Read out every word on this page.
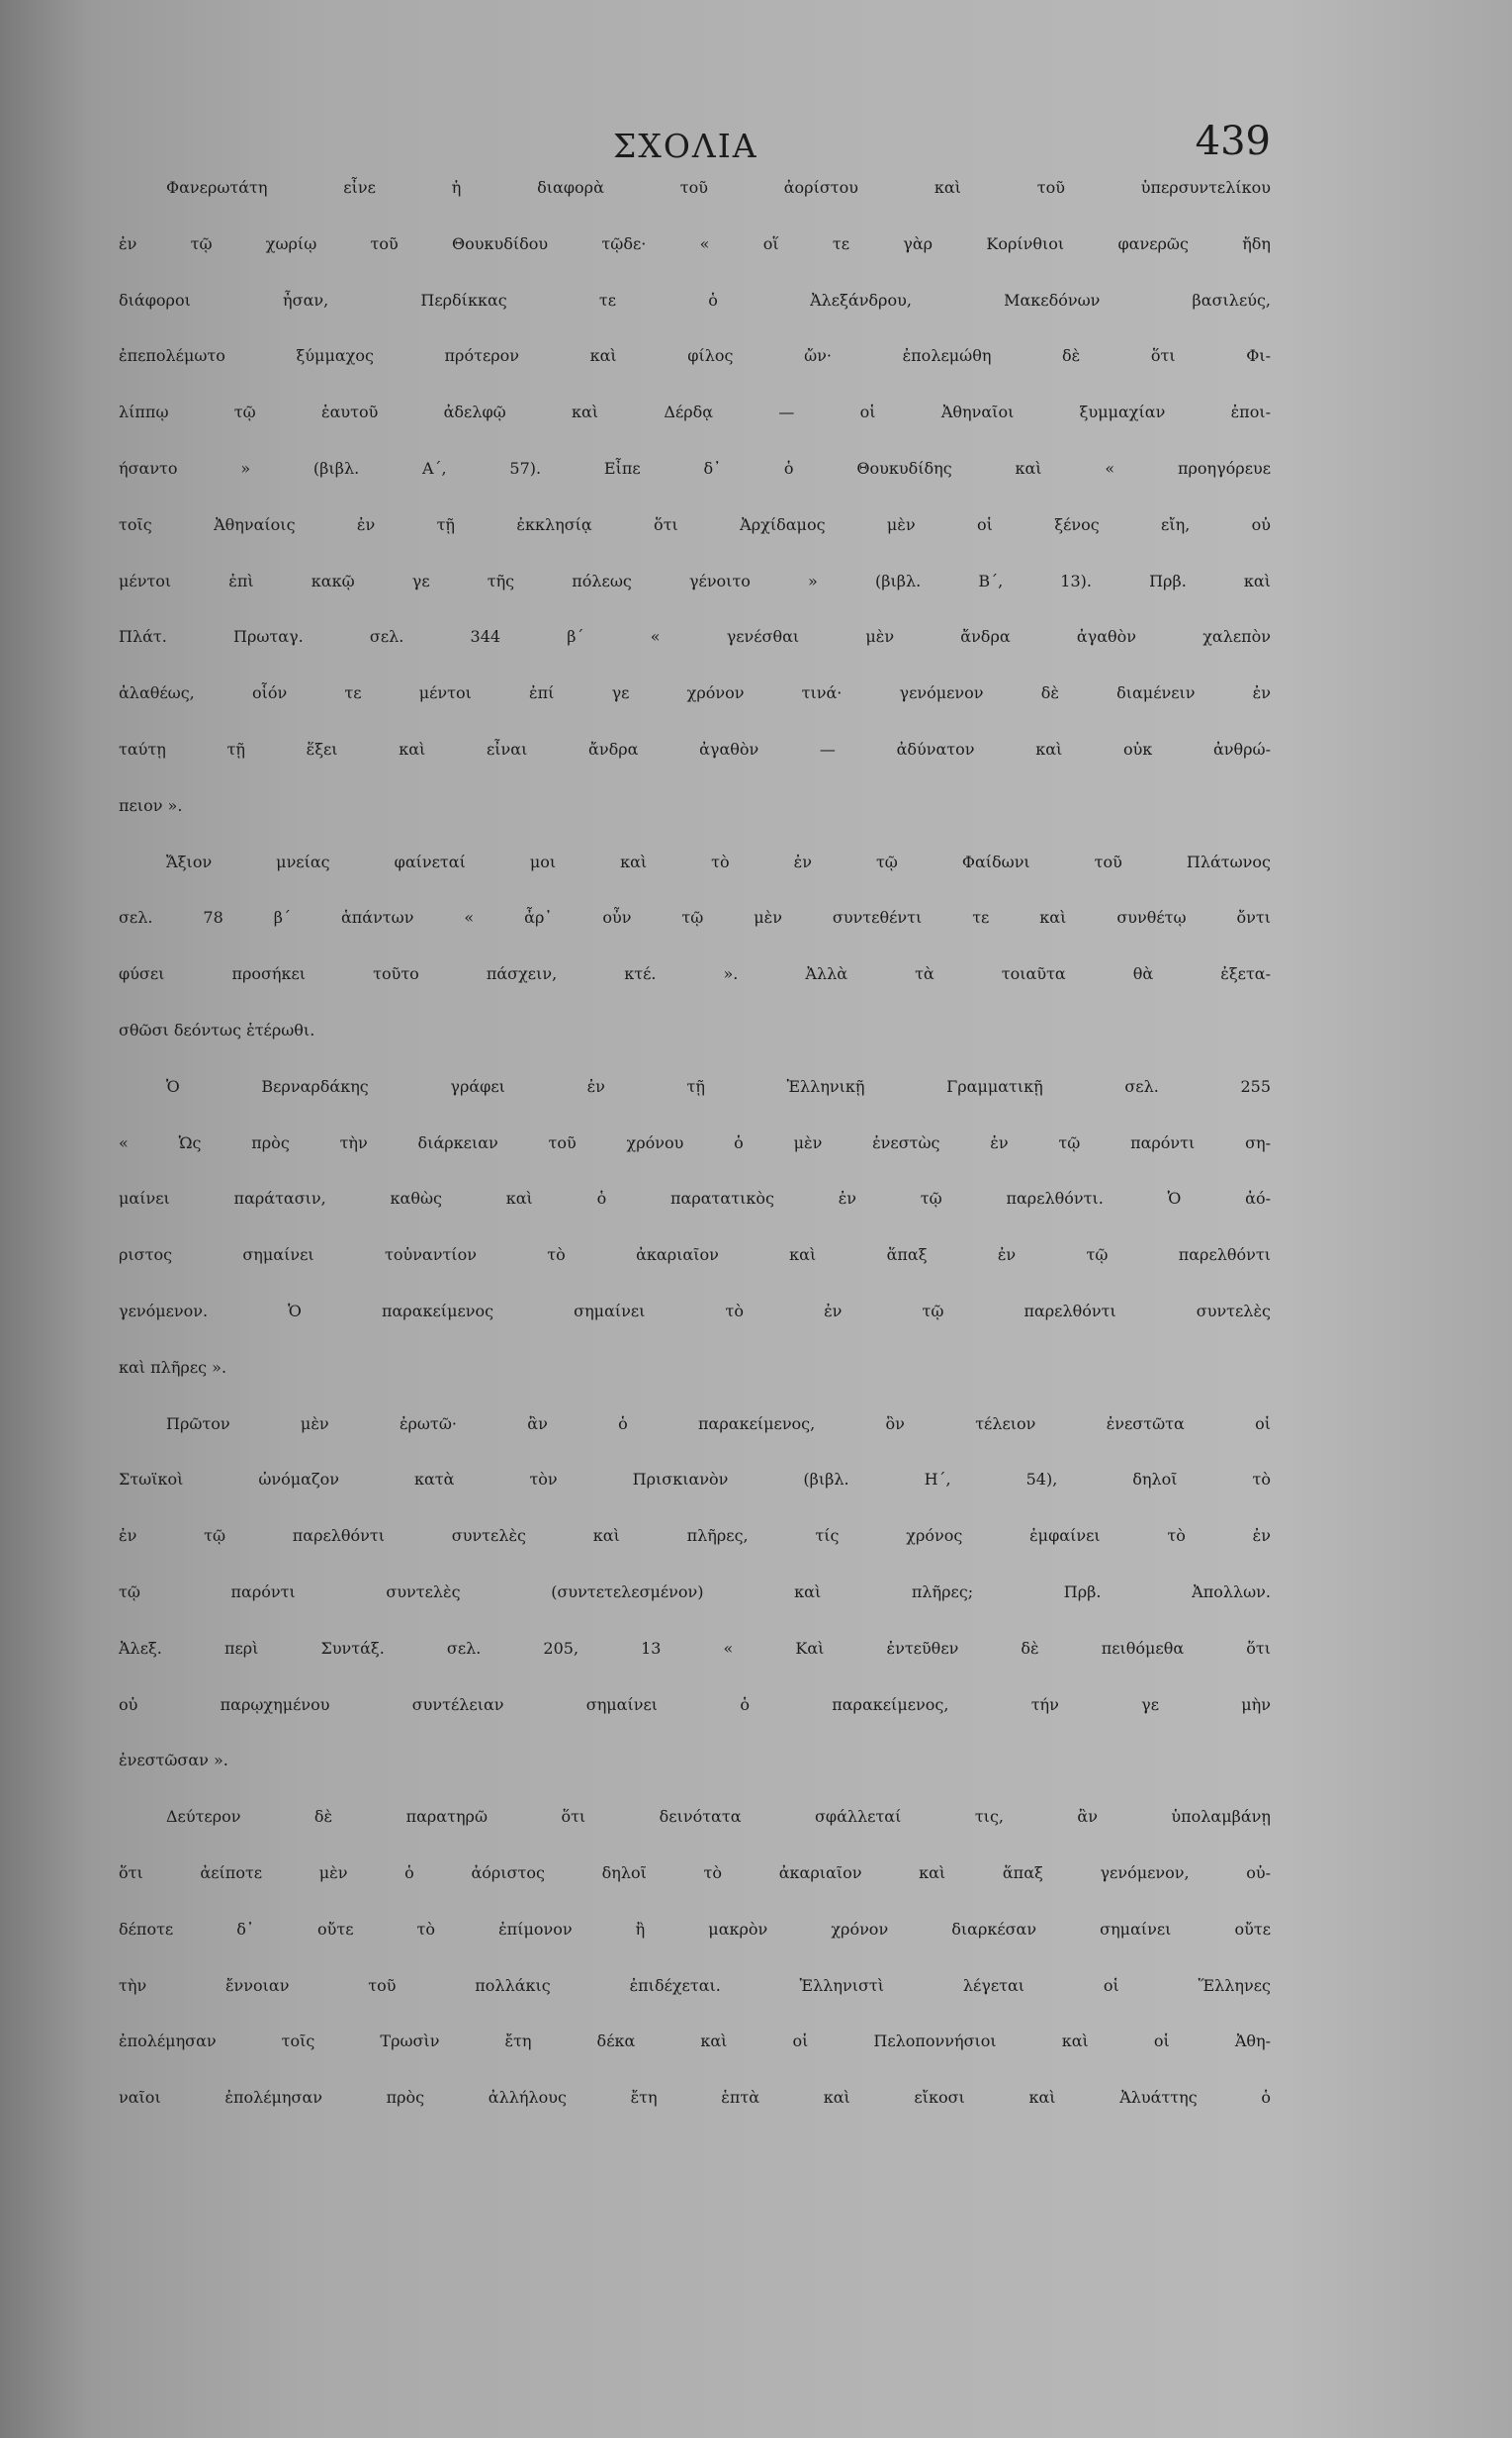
ΣΧΟΛΙΑ	439
Φανερωτάτη εἶνε ἡ διαφορὰ τοῦ ἀορίστου καὶ τοῦ ὑπερσυντελίκου
ἐν τῷ χωρίῳ τοῦ Θουκυδίδου τῷδε· « οἵ τε γὰρ Κορίνθιοι φανερῶς ἤδη
διάφοροι ἦσαν, Περδίκκας τε ὁ Ἀλεξάνδρου, Μακεδόνων βασιλεύς,
ἐπεπολέμωτο ξύμμαχος πρότερον καὶ φίλος ὤν· ἐπολεμώθη δὲ ὅτι Φι-
λίππῳ τῷ ἑαυτοῦ ἀδελφῷ καὶ Δέρδᾳ — οἱ Ἀθηναῖοι ξυμμαχίαν ἐποι-
ήσαντο » (βιβλ. Α΄, 57). Εἶπε δ᾽ ὁ Θουκυδίδης καὶ « προηγόρευε
τοῖς Ἀθηναίοις ἐν τῇ ἐκκλησίᾳ ὅτι Ἀρχίδαμος μὲν οἱ ξένος εἴη, οὐ
μέντοι ἐπὶ κακῷ γε τῆς πόλεως γένοιτο » (βιβλ. Β΄, 13). Πρβ. καὶ
Πλάτ. Πρωταγ. σελ. 344 β΄ « γενέσθαι μὲν ἄνδρα ἀγαθὸν χαλεπὸν
ἀλαθέως, οἷόν τε μέντοι ἐπί γε χρόνον τινά· γενόμενον δὲ διαμένειν ἐν
ταύτῃ τῇ ἕξει καὶ εἶναι ἄνδρα ἀγαθὸν — ἀδύνατον καὶ οὐκ ἀνθρώ-
πειον ».
Ἄξιον μνείας φαίνεταί μοι καὶ τὸ ἐν τῷ Φαίδωνι τοῦ Πλάτωνος
σελ. 78 β΄ ἁπάντων « ἆρ᾽ οὖν τῷ μὲν συντεθέντι τε καὶ συνθέτῳ ὄντι
φύσει προσήκει τοῦτο πάσχειν, κτέ. ». Ἀλλὰ τὰ τοιαῦτα θὰ ἐξετα-
σθῶσι δεόντως ἑτέρωθι.
Ὁ Βερναρδάκης γράφει ἐν τῇ Ἑλληνικῇ Γραμματικῇ σελ. 255
« Ὡς πρὸς τὴν διάρκειαν τοῦ χρόνου ὁ μὲν ἐνεστὼς ἐν τῷ παρόντι ση-
μαίνει παράτασιν, καθὼς καὶ ὁ παρατατικὸς ἐν τῷ παρελθόντι. Ὁ ἀό-
ριστος σημαίνει τοὐναντίον τὸ ἀκαριαῖον καὶ ἅπαξ ἐν τῷ παρελθόντι
γενόμενον. Ὁ παρακείμενος σημαίνει τὸ ἐν τῷ παρελθόντι συντελὲς
καὶ πλῆρες ».
Πρῶτον μὲν ἐρωτῶ· ἂν ὁ παρακείμενος, ὃν τέλειον ἐνεστῶτα οἱ
Στωϊκοὶ ὠνόμαζον κατὰ τὸν Πρισκιανὸν (βιβλ. Η΄, 54), δηλοῖ τὸ
ἐν τῷ παρελθόντι συντελὲς καὶ πλῆρες, τίς χρόνος ἐμφαίνει τὸ ἐν
τῷ παρόντι συντελὲς (συντετελεσμένον) καὶ πλῆρες; Πρβ. Ἀπολλων.
Ἀλεξ. περὶ Συντάξ. σελ. 205, 13 « Καὶ ἐντεῦθεν δὲ πειθόμεθα ὅτι
οὐ παρῳχημένου συντέλειαν σημαίνει ὁ παρακείμενος, τήν γε μὴν
ἐνεστῶσαν ».
Δεύτερον δὲ παρατηρῶ ὅτι δεινότατα σφάλλεταί τις, ἂν ὑπολαμβάνῃ
ὅτι ἀείποτε μὲν ὁ ἀόριστος δηλοῖ τὸ ἀκαριαῖον καὶ ἅπαξ γενόμενον, οὐ-
δέποτε δ᾽ οὔτε τὸ ἐπίμονον ἢ μακρὸν χρόνον διαρκέσαν σημαίνει οὔτε
τὴν ἔννοιαν τοῦ πολλάκις ἐπιδέχεται. Ἑλληνιστὶ λέγεται οἱ Ἕλληνες
ἐπολέμησαν τοῖς Τρωσὶν ἔτη δέκα καὶ οἱ Πελοποννήσιοι καὶ οἱ Ἀθη-
ναῖοι ἐπολέμησαν πρὸς ἀλλήλους ἔτη ἑπτὰ καὶ εἴκοσι καὶ Ἀλυάττης ὁ
